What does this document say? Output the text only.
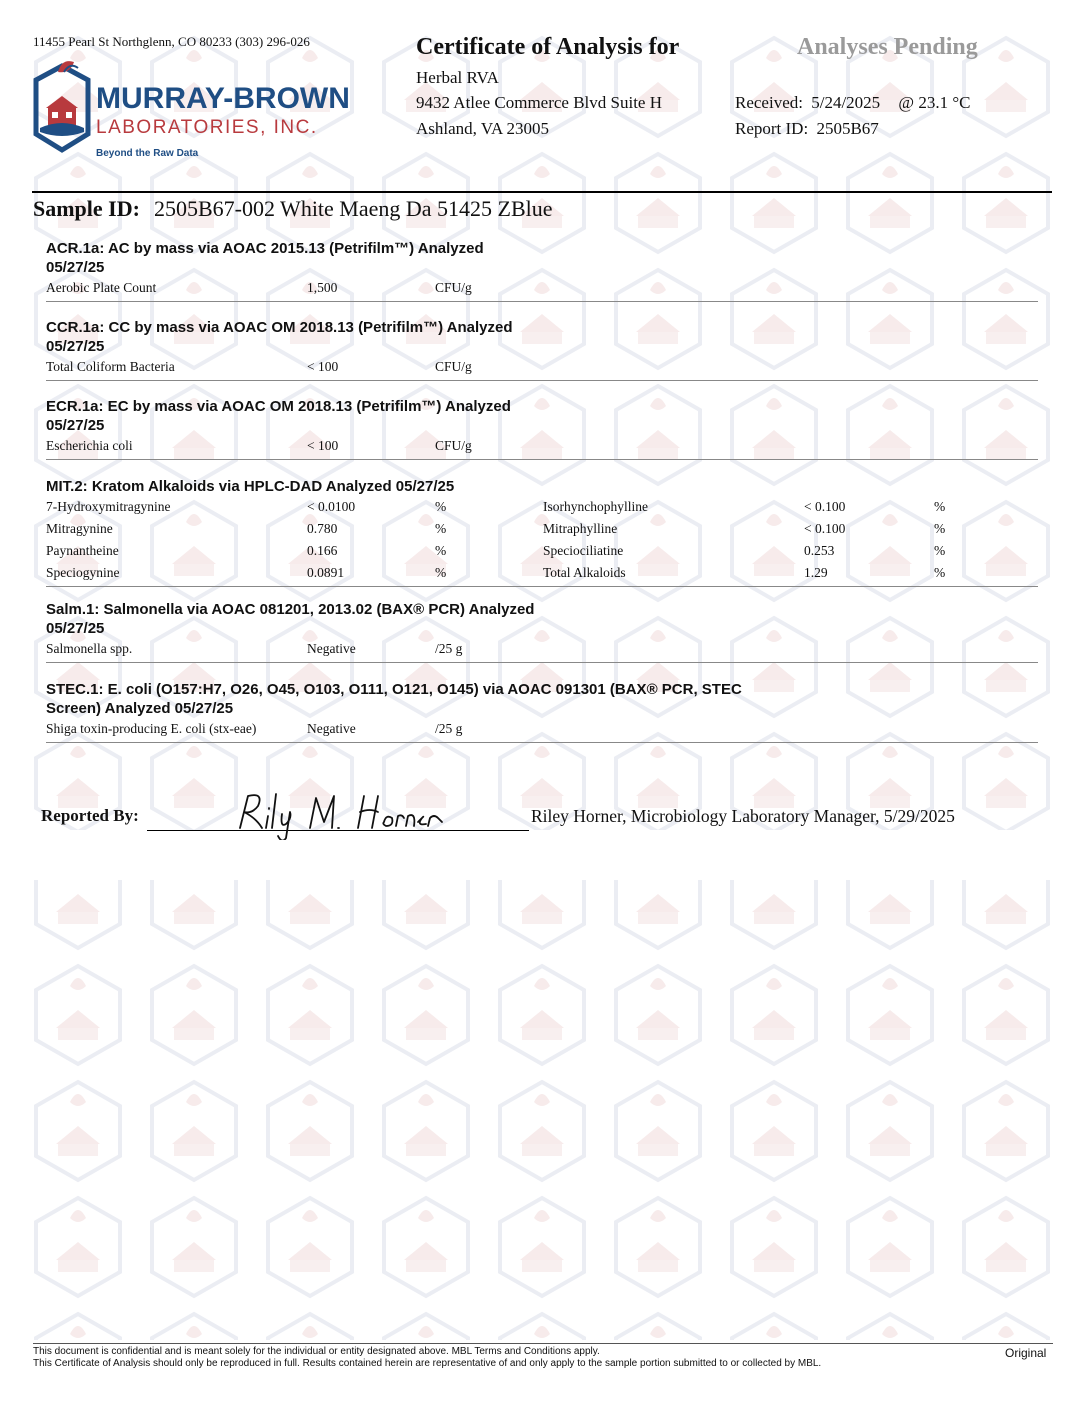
11455 Pearl St Northglenn, CO 80233 (303) 296-026
MURRAY-BROWN
LABORATORIES, INC.
Beyond the Raw Data
Certificate of Analysis for	Analyses Pending
Herbal RVA
9432 Atlee Commerce Blvd Suite H
Ashland, VA 23005
Received: 5/24/2025 @ 23.1 °C
Report ID: 2505B67
Sample ID: 2505B67-002 White Maeng Da 51425 ZBlue
ACR.1a: AC by mass via AOAC 2015.13 (Petrifilm™) Analyzed 05/27/25
Aerobic Plate Count	1,500	CFU/g
CCR.1a: CC by mass via AOAC OM 2018.13 (Petrifilm™) Analyzed 05/27/25
Total Coliform Bacteria	< 100	CFU/g
ECR.1a: EC by mass via AOAC OM 2018.13 (Petrifilm™) Analyzed 05/27/25
Escherichia coli	< 100	CFU/g
MIT.2: Kratom Alkaloids via HPLC-DAD Analyzed 05/27/25
7-Hydroxymitragynine	< 0.0100	%	Isorhynchophylline	< 0.100	%
Mitragynine	0.780	%	Mitraphylline	< 0.100	%
Paynantheine	0.166	%	Speciociliatine	0.253	%
Speciogynine	0.0891	%	Total Alkaloids	1.29	%
Salm.1: Salmonella via AOAC 081201, 2013.02 (BAX® PCR) Analyzed 05/27/25
Salmonella spp.	Negative	/25 g
STEC.1: E. coli (O157:H7, O26, O45, O103, O111, O121, O145) via AOAC 091301 (BAX® PCR, STEC Screen) Analyzed 05/27/25
Shiga toxin-producing E. coli (stx-eae)	Negative	/25 g
Reported By:	Riley Horner, Microbiology Laboratory Manager, 5/29/2025
This document is confidential and is meant solely for the individual or entity designated above. MBL Terms and Conditions apply.
This Certificate of Analysis should only be reproduced in full. Results contained herein are representative of and only apply to the sample portion submitted to or collected by MBL.
Original
